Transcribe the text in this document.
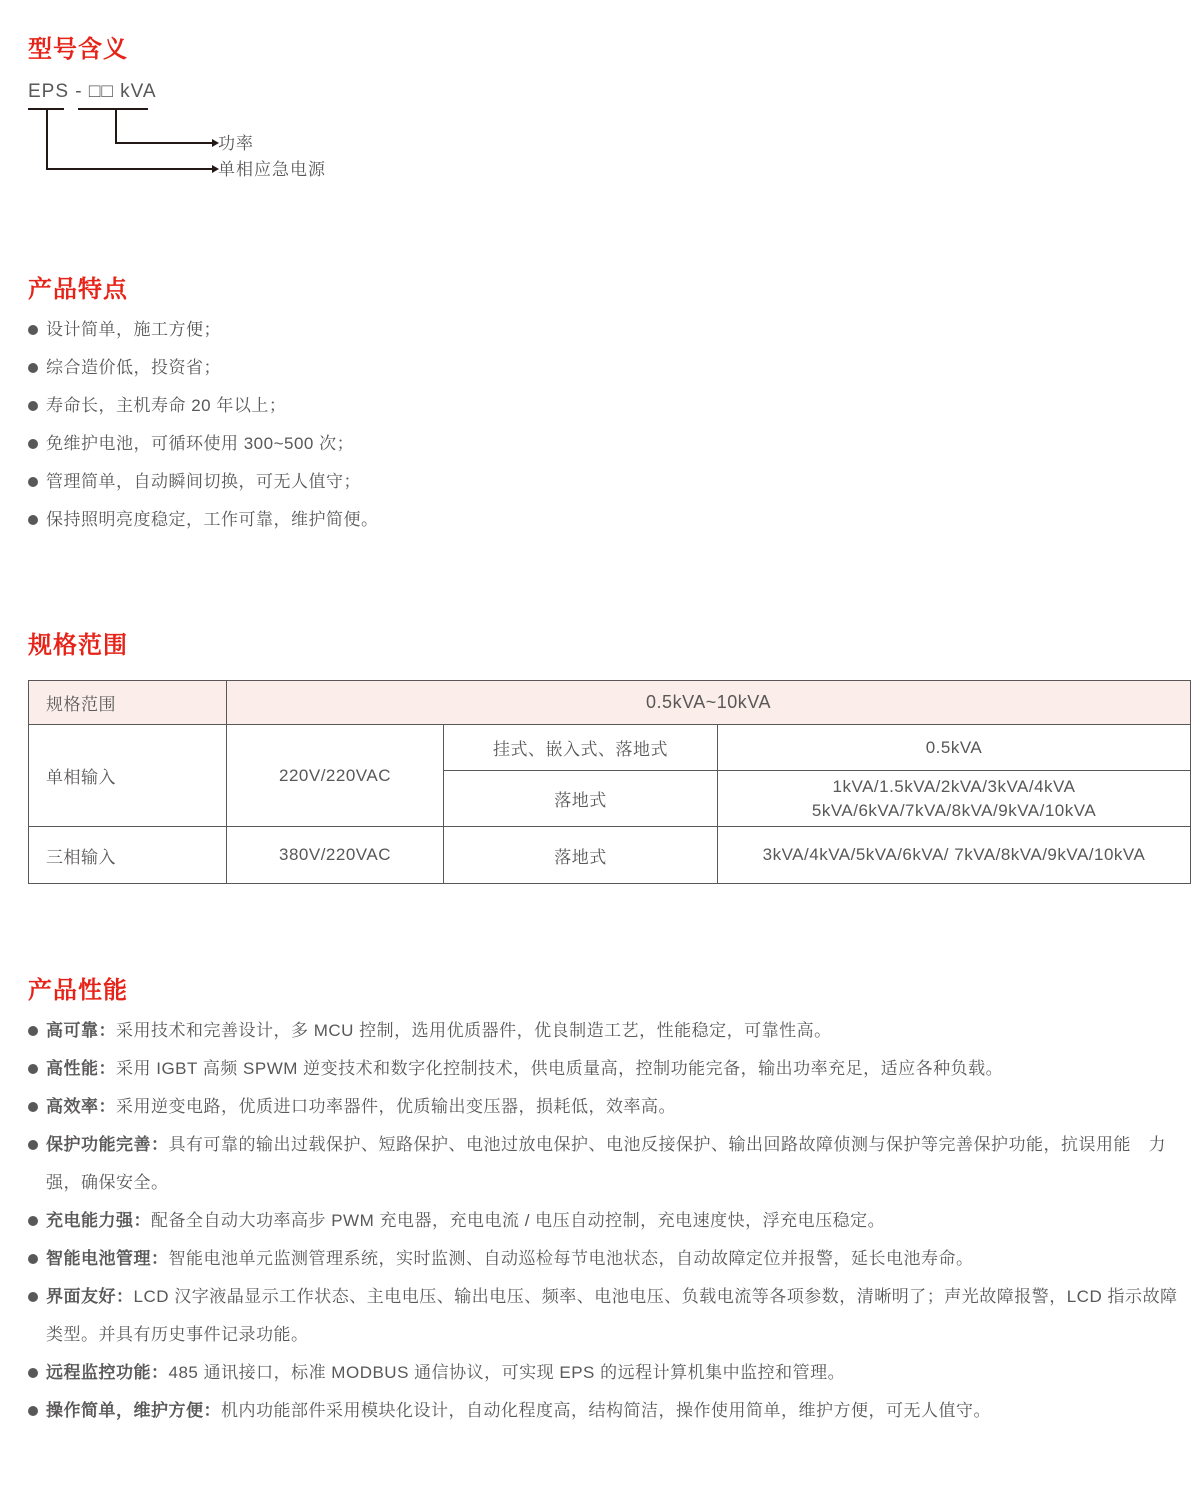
型号含义
EPS - □□ kVA
功率
单相应急电源
产品特点
设计简单，施工方便；
综合造价低，投资省；
寿命长，主机寿命 20 年以上；
免维护电池，可循环使用 300~500 次；
管理简单，自动瞬间切换，可无人值守；
保持照明亮度稳定，工作可靠，维护简便。
规格范围
规格范围	0.5kVA~10kVA		
单相输入	220V/220VAC	挂式、嵌入式、落地式	0.5kVA
		落地式	1kVA/1.5kVA/2kVA/3kVA/4kVA
5kVA/6kVA/7kVA/8kVA/9kVA/10kVA

三相输入	380V/220VAC	落地式	3kVA/4kVA/5kVA/6kVA/ 7kVA/8kVA/9kVA/10kVA
产品性能
高可靠：采用技术和完善设计，多 MCU 控制，选用优质器件，优良制造工艺，性能稳定，可靠性高。
高性能：采用 IGBT 高频 SPWM 逆变技术和数字化控制技术，供电质量高，控制功能完备，输出功率充足，适应各种负载。
高效率：采用逆变电路，优质进口功率器件，优质输出变压器，损耗低，效率高。
保护功能完善：具有可靠的输出过载保护、短路保护、电池过放电保护、电池反接保护、输出回路故障侦测与保护等完善保护功能，抗误用能　力强，确保安全。
充电能力强：配备全自动大功率高步 PWM 充电器，充电电流 / 电压自动控制，充电速度快，浮充电压稳定。
智能电池管理：智能电池单元监测管理系统，实时监测、自动巡检每节电池状态，自动故障定位并报警，延长电池寿命。
界面友好：LCD 汉字液晶显示工作状态、主电电压、输出电压、频率、电池电压、负载电流等各项参数，清晰明了；声光故障报警，LCD 指示故障类型。并具有历史事件记录功能。
远程监控功能：485 通讯接口，标准 MODBUS 通信协议，可实现 EPS 的远程计算机集中监控和管理。
操作简单，维护方便：机内功能部件采用模块化设计，自动化程度高，结构简洁，操作使用简单，维护方便，可无人值守。
